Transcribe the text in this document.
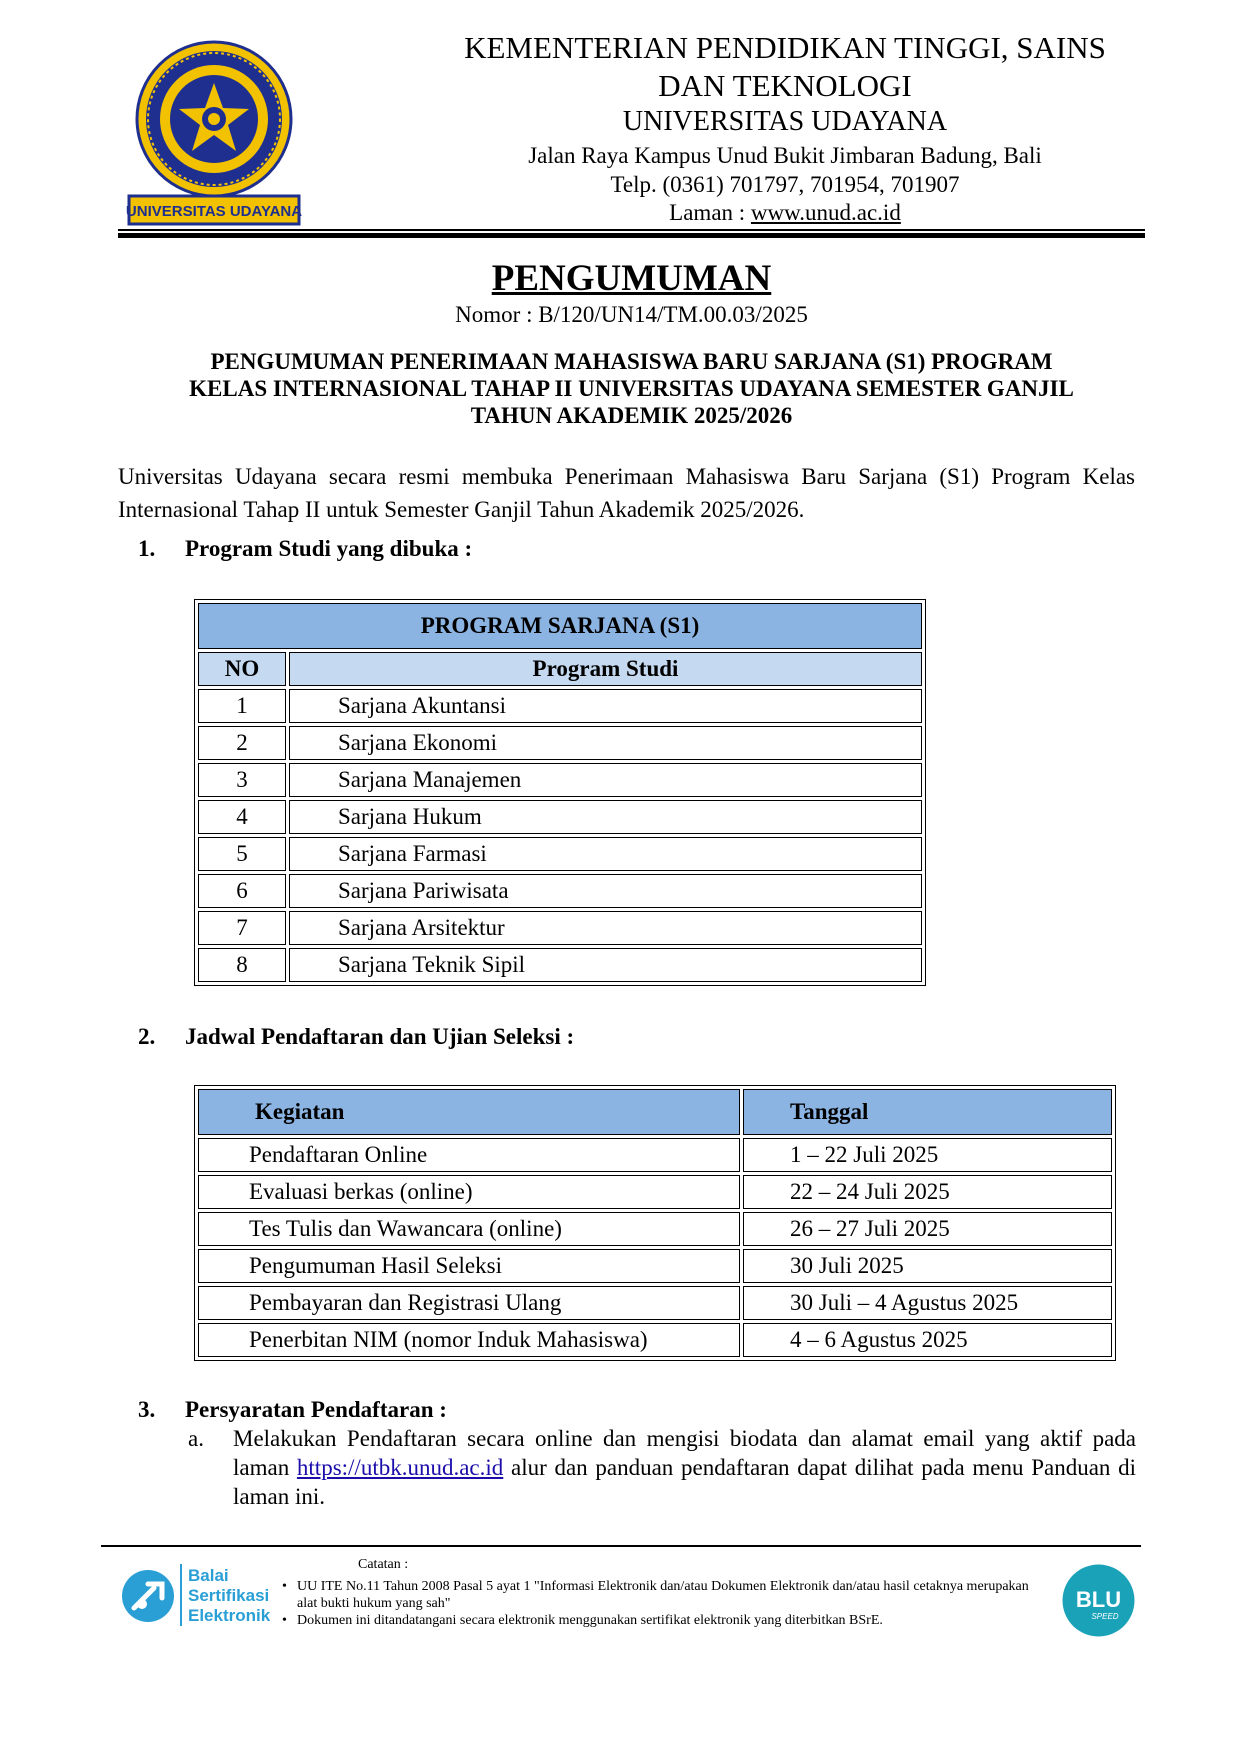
UNIVERSITAS UDAYANA
KEMENTERIAN PENDIDIKAN TINGGI, SAINS
DAN TEKNOLOGI
UNIVERSITAS UDAYANA
Jalan Raya Kampus Unud Bukit Jimbaran Badung, Bali
Telp. (0361) 701797, 701954, 701907
Laman : www.unud.ac.id
PENGUMUMAN
Nomor : B/120/UN14/TM.00.03/2025
PENGUMUMAN PENERIMAAN MAHASISWA BARU SARJANA (S1) PROGRAM
KELAS INTERNASIONAL TAHAP II UNIVERSITAS UDAYANA SEMESTER GANJIL
TAHUN AKADEMIK 2025/2026
Universitas Udayana secara resmi membuka Penerimaan Mahasiswa Baru Sarjana (S1) Program Kelas Internasional Tahap II untuk Semester Ganjil Tahun Akademik 2025/2026.
1. Program Studi yang dibuka :
PROGRAM SARJANA (S1)	
NO	Program Studi
1	Sarjana Akuntansi
2	Sarjana Ekonomi
3	Sarjana Manajemen
4	Sarjana Hukum
5	Sarjana Farmasi
6	Sarjana Pariwisata
7	Sarjana Arsitektur
8	Sarjana Teknik Sipil
2. Jadwal Pendaftaran dan Ujian Seleksi :
Kegiatan	Tanggal
Pendaftaran Online	1 – 22 Juli 2025
Evaluasi berkas (online)	22 – 24 Juli 2025
Tes Tulis dan Wawancara (online)	26 – 27 Juli 2025
Pengumuman Hasil Seleksi	30 Juli 2025
Pembayaran dan Registrasi Ulang	30 Juli – 4 Agustus 2025
Penerbitan NIM (nomor Induk Mahasiswa)	4 – 6 Agustus 2025
3. Persyaratan Pendaftaran :
a. Melakukan Pendaftaran secara online dan mengisi biodata dan alamat email yang aktif pada laman https://utbk.unud.ac.id alur dan panduan pendaftaran dapat dilihat pada menu Panduan di laman ini.
Balai
Sertifikasi
Elektronik
Catatan :
• UU ITE No.11 Tahun 2008 Pasal 5 ayat 1 "Informasi Elektronik dan/atau Dokumen Elektronik dan/atau hasil cetaknya merupakan alat bukti hukum yang sah"
• Dokumen ini ditandatangani secara elektronik menggunakan sertifikat elektronik yang diterbitkan BSrE.
BLU
SPEED
